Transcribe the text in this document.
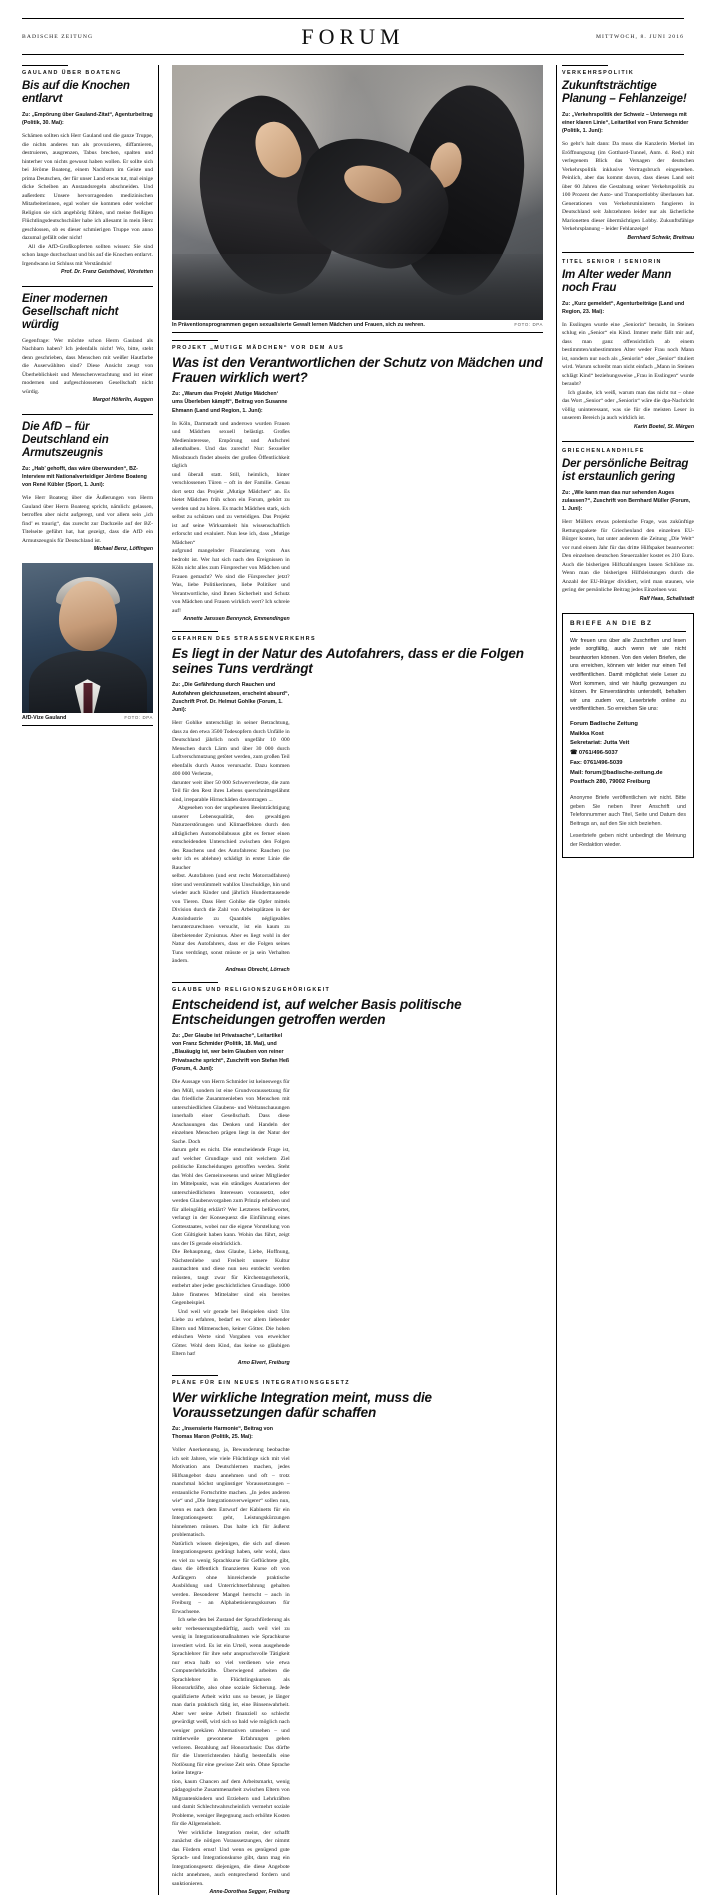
BADISCHE ZEITUNG	FORUM	MITTWOCH, 8. JUNI 2016
GAULAND ÜBER BOATENG
Bis auf die Knochen entlarvt
Zu: „Empörung über Gauland-Zitat“, Agenturbeitrag (Politik, 30. Mai):

Schämen sollten sich Herr Gauland und die ganze Truppe, die nichts anderes tun als provozieren, diffamieren, destruieren, ausgrenzen, Tabus brechen, spalten und hinterher von nichts gewusst haben wollen. Er sollte sich bei Jérôme Boateng, einem Nachbarn im Geiste und prima Deutschen, der für unser Land etwas tut, mal einige dicke Scheiben an Anstandsregeln abschneiden. Und außerdem: Unsere hervorragenden medizinischen Mitarbeiterinnen, egal woher sie kommen oder welcher Religion sie sich angehörig fühlen, und meine fleißigen Flüchtlingsdeutschschüler habe ich allesamt in mein Herz geschlossen, ob es dieser schmierigen Truppe von anno dazumal gefällt oder nicht!

All die AfD-Großkopferten sollten wissen: Sie sind schon lange durchschaut und bis auf die Knochen entlarvt. Irgendwann ist Schluss mit Verständnis!

Prof. Dr. Franz Geisthövel, Vörstetten
Einer modernen Gesellschaft nicht würdig

Gegenfrage: Wer möchte schon Herrn Gauland als Nachbarn haben? Ich jedenfalls nicht! Wo, bitte, steht denn geschrieben, dass Menschen mit weißer Hautfarbe die Auserwählten sind? Diese Ansicht zeugt von Überheblichkeit und Menschenverachtung und ist einer modernen und aufgeschlossenen Gesellschaft nicht würdig.

Margot Höferlin, Auggen
Die AfD – für Deutschland ein Armutszeugnis
Zu: „Hab’ gehofft, das wäre überwunden“, BZ-Interview mit Nationalverteidiger Jérôme Boateng von René Kübler (Sport, 1. Juni):

Wie Herr Boateng über die Äußerungen von Herrn Gauland über Herrn Boateng spricht, nämlich: gelassen, betroffen aber nicht aufgeregt, und vor allem sein „ich find’ es traurig“, das zurecht zur Dachzeile auf der BZ-Titelseite geführt hat, hat gezeigt, dass die AfD ein Armutszeugnis für Deutschland ist.

Michael Benz, Löffingen
AfD-Vize Gauland	FOTO: DPA
In Präventionsprogrammen gegen sexualisierte Gewalt lernen Mädchen und Frauen, sich zu wehren.	FOTO: DPA
PROJEKT „MUTIGE MÄDCHEN“ VOR DEM AUS
Was ist den Verantwortlichen der Schutz von Mädchen und Frauen wirklich wert?
Zu: „Warum das Projekt ‚Mutige Mädchen‘ ums Überleben kämpft“, Beitrag von Susanne Ehmann (Land und Region, 1. Juni):
In Köln, Darmstadt und anderswo wurden Frauen und Mädchen sexuell belästigt. Großes Medieninteresse, Empörung und Aufschrei allenthalben. Und das zurecht! Nur: Sexueller Missbrauch findet abseits der großen Öffentlichkeit täglich
und überall statt. Still, heimlich, hinter verschlossenen Türen – oft in der Familie. Genau dort setzt das Projekt „Mutige Mädchen“ an. Es bietet Mädchen früh schon ein Forum, gehört zu werden und zu hören. Es macht Mädchen stark, sich selbst zu schützen und zu verteidigen. Das Projekt ist auf seine Wirksamkeit hin wissenschaftlich erforscht und evaluiert. Nun lese ich, dass „Mutige Mädchen“
aufgrund mangelnder Finanzierung vom Aus bedroht ist. Wer hat sich nach den Ereignissen in Köln nicht alles zum Fürsprecher von Mädchen und Frauen gemacht? Wo sind die Fürsprecher jetzt? Was, liebe Politikerinnen, liebe Politiker und Verantwortliche, sind Ihnen Sicherheit und Schutz von Mädchen und Frauen wirklich wert? Ich schreie auf!
Annette Janssen Bennynck, Emmendingen
GEFAHREN DES STRASSENVERKEHRS
Es liegt in der Natur des Autofahrers, dass er die Folgen seines Tuns verdrängt
Zu: „Die Gefährdung durch Rauchen und Autofahren gleichzusetzen, erscheint absurd“, Zuschrift Prof. Dr. Helmut Gohlke (Forum, 1. Juni):
Herr Gohlke unterschlägt in seiner Betrachtung, dass zu den etwa 3500 Todesopfern durch Unfälle in Deutschland jährlich noch ungefähr 10 000 Menschen durch Lärm und über 30 000 durch Luftverschmutzung getötet werden, zum großen Teil ebenfalls durch Autos verursacht. Dazu kommen 400 000 Verletzte,
darunter weit über 50 000 Schwerverletzte, die zum Teil für den Rest ihres Lebens querschnittsgelähmt sind, irreparable Hirnschäden davontragen ...
Abgesehen von der ungeheuren Beeinträchtigung unserer Lebensqualität, den gewaltigen Naturzerstörungen und Klimaeffekten durch den alltäglichen Automobilabusus gibt es ferner einen entscheidenden Unterschied zwischen den Folgen des Rauchens und des Autofahrens: Rauchen (so sehr ich es ablehne) schädigt in erster Linie die Raucher
selbst. Autofahren (und erst recht Motorradfahren) tötet und verstümmelt wahllos Unschuldige, hin und wieder auch Kinder und jährlich Hunderttausende von Tieren. Dass Herr Gohlke die Opfer mittels Division durch die Zahl von Arbeitsplätzen in der Autoindustrie zu Quantités négligeables herunterzurechnen versucht, ist ein kaum zu überbietender Zynismus. Aber es liegt wohl in der Natur des Autofahrers, dass er die Folgen seines Tuns verdrängt, sonst müsste er ja sein Verhalten ändern.
Andreas Obrecht, Lörrach
GLAUBE UND RELIGIONSZUGEHÖRIGKEIT
Entscheidend ist, auf welcher Basis politische Entscheidungen getroffen werden
Zu: „Der Glaube ist Privatsache“, Leitartikel von Franz Schmider (Politik, 18. Mai), und „Blauäugig ist, wer beim Glauben von reiner Privatsache spricht“, Zuschrift von Stefan Heß (Forum, 4. Juni):
Die Aussage von Herrn Schmider ist keineswegs für den Müll, sondern ist eine Grundvoraussetzung für das friedliche Zusammenleben von Menschen mit unterschiedlichen Glaubens- und Weltanschauungen innerhalb einer Gesellschaft. Dass diese Anschauungen das Denken und Handeln der einzelnen Menschen prägen liegt in der Natur der Sache. Doch
darum geht es nicht. Die entscheidende Frage ist, auf welcher Grundlage und mit welchem Ziel politische Entscheidungen getroffen werden. Steht das Wohl des Gemeinwesens und seiner Mitglieder im Mittelpunkt, was ein ständiges Austarieren der unterschiedlichsten Interessen voraussetzt, oder werden Glaubensvorgaben zum Prinzip erhoben und für alleingültig erklärt? Wer Letzteres befürwortet, verlangt in der Konsequenz die Einführung eines Gottesstaates, wobei nur die eigene Vorstellung von Gott Gültigkeit haben kann. Wohin das führt, zeigt uns der IS gerade eindrücklich.
Die Behauptung, dass Glaube, Liebe, Hoffnung, Nächstenliebe und Freiheit unsere Kultur ausmachten und diese nun neu entdeckt werden müssten, taugt zwar für Kirchentagsrhetorik, entbehrt aber jeder geschichtlichen Grundlage. 1000 Jahre finsteres Mittelalter sind ein bereites Gegenbeispiel.
Und weil wir gerade bei Beispielen sind: Um Liebe zu erfahren, bedarf es vor allem liebender Eltern und Mitmenschen, keiner Götter. Die hohen ethischen Werte sind Vorgaben von etwelcher Götter. Wohl dem Kind, das keine so gläubigen Eltern hat!
Arno Elvert, Freiburg
PLÄNE FÜR EIN NEUES INTEGRATIONSGESETZ
Wer wirkliche Integration meint, muss die Voraussetzungen dafür schaffen
Zu: „Insensierte Harmonie“, Beitrag von Thomas Maron (Politik, 25. Mai):
Voller Anerkennung, ja, Bewunderung beobachte ich seit Jahren, wie viele Flüchtlinge sich mit viel Motivation ans Deutschlernen machen, jedes Hilfsangebot dazu annehmen und oft – trotz manchmal höchst ungünstiger Voraussetzungen – erstaunliche Fortschritte machen. „In jedes anderen wie“ und „Die Integrationsverweigerer“ sollen nun, wenn es nach dem Entwurf der Kabinetts für ein Integrationsgesetz geht, Leistungskürzungen hinnehmen müssen. Das halte ich für äußerst problematisch.
Natürlich wissen diejenigen, die sich auf diesen Integrationsgesetz gedrängt haben, sehr wohl, dass es viel zu wenig Sprachkurse für Geflüchtete gibt, dass die öffentlich finanzierten Kurse oft von Anfängern ohne hinreichende praktische Ausbildung und Unterrichtserfahrung gehalten werden. Besonderer Mangel herrscht – auch in Freiburg – an Alphabetisierungskursen für Erwachsene.
Ich sehe den bei Zustand der Sprachförderung als sehr verbesserungsbedürftig, auch weil viel zu wenig in Integrationsmaßnahmen wie Sprachkurse investiert wird. Es ist ein Urteil, wenn ausgehende Sprachlehrer für ihre sehr anspruchsvolle Tätigkeit nur etwa halb so viel verdienen wie etwa Computerlehrkräfte. Überwiegend arbeiten die Sprachlehrer in Flüchtlingskursen als Honorarkräfte, also ohne soziale Sicherung. Jede qualifizierte Arbeit wirkt uns so besser, je länger man darin praktisch tätig ist, eine Binsenwahrheit. Aber wer seine Arbeit finanziell so schlecht gewürdigt weiß, wird sich so bald wie möglich nach weniger prekären Alternativen umsehen – und mittlerweile gewonnene Erfahrungen gehen verloren. Bezahlung auf Honorarbasis: Das dürfte für die Unterrichtenden häufig bestenfalls eine Notlösung für eine gewisse Zeit sein. Ohne Sprache keine Integra-
tion, kaum Chancen auf dem Arbeitsmarkt, wenig pädagogische Zusammenarbeit zwischen Eltern von Migrantenkindern und Erziehern und Lehrkräften und damit Schlechtwahrscheinlich vermehrt soziale Probleme, weniger Begegnung auch erhöhte Kosten für die Allgemeinheit.
Wer wirkliche Integration meint, der schafft zunächst die nötigen Voraussetzungen, der nimmt das Fördern ernst! Und wenn es genügend gute Sprach- und Integrationskurse gibt, dann mag ein Integrationsgesetz diejenigen, die diese Angebote nicht annehmen, auch entsprechend fordern und sanktionieren.
Anne-Dorothea Segger, Freiburg
VERKEHRSPOLITIK
Zukunftsträchtige Planung – Fehlanzeige!
Zu: „Verkehrspolitik der Schweiz – Unterwegs mit einer klaren Linie“, Leitartikel von Franz Schmider (Politik, 1. Juni):

So geht’s halt dann: Da muss die Kanzlerin Merkel im Eröffnungszug (im Gotthard-Tunnel, Anm. d. Red.) mit verlegenem Blick das Versagen der deutschen Verkehrspolitik inklusive Vertragsbruch eingestehen. Peinlich, aber das kommt davon, dass dieses Land seit über 60 Jahren die Gestaltung seiner Verkehrspolitik zu 100 Prozent der Auto- und Transportlobby überlassen hat. Generationen von Verkehrsministern fungieren in Deutschland seit Jahrzehnten leider nur als lächerliche Marionetten dieser übermächtigen Lobby. Zukunftsfähige Verkehrsplanung – leider Fehlanzeige!

Bernhard Schwär, Breitnau
TITEL SENIOR / SENIORIN
Im Alter weder Mann noch Frau
Zu: „Kurz gemeldet“, Agenturbeiträge (Land und Region, 23. Mai):

In Esslingen wurde eine „Seniorin“ beraubt, in Steinen schlug ein „Senior“ ein Kind. Immer mehr fällt mir auf, dass man ganz offensichtlich ab einem bestimmten/unbestimmten Alter weder Frau noch Mann ist, sondern nur noch als „Seniorin“ oder „Senior“ tituliert wird. Warum schreibt man nicht einfach „Mann in Steinen schlägt Kind“ beziehungsweise „Frau in Esslingen“ wurde beraubt?

Ich glaube, ich weiß, warum man das nicht tut – ohne das Wort „Senior“ oder „Seniorin“ wäre die dpa-Nachricht völlig uninteressant, was sie für die meisten Leser in unserem Bereich ja auch wirklich ist.

Karin Boetel, St. Märgen
GRIECHENLANDHILFE
Der persönliche Beitrag ist erstaunlich gering
Zu: „Wie kann man das nur sehenden Auges zulassen?“, Zuschrift von Bernhard Müller (Forum, 1. Juni):

Herr Müllers etwas polemische Frage, was zukünftige Rettungspakete für Griechenland den einzelnen EU-Bürger kosten, hat unter anderem die Zeitung „Die Welt“ vor rund einem Jahr für das dritte Hilfspaket beantwortet: Den einzelnen deutschen Steuerzahler kostet es 210 Euro. Auch die bisherigen Hilfszahlungen lassen Schlüsse zu. Wenn man die bisherigen Hilfsleistungen durch die Anzahl der EU-Bürger dividiert, wird man staunen, wie gering der persönliche Beitrag jedes Einzelnen war.

Ralf Haas, Schallstadt
BRIEFE AN DIE BZ
Wir freuen uns über alle Zuschriften und lesen jede sorgfältig, auch wenn wir sie nicht beantworten können. Von den vielen Briefen, die uns erreichen, können wir leider nur einen Teil veröffentlichen. Damit möglichst viele Leser zu Wort kommen, sind wir häufig gezwungen zu kürzen. Ihr Einverständnis unterstellt, behalten wir uns zudem vor, Leserbriefe online zu veröffentlichen. So erreichen Sie uns:
Forum Badische Zeitung
Maikka Kost
Sekretariat: Jutta Veit
☎ 0761/496-5037
Fax: 0761/496-5039
Mail: forum@badische-zeitung.de
Postfach 280, 79002 Freiburg
Anonyme Briefe veröffentlichen wir nicht. Bitte geben Sie neben Ihrer Anschrift und Telefonnummer auch Titel, Seite und Datum des Beitrags an, auf den Sie sich beziehen.
Leserbriefe geben nicht unbedingt die Meinung der Redaktion wieder.
